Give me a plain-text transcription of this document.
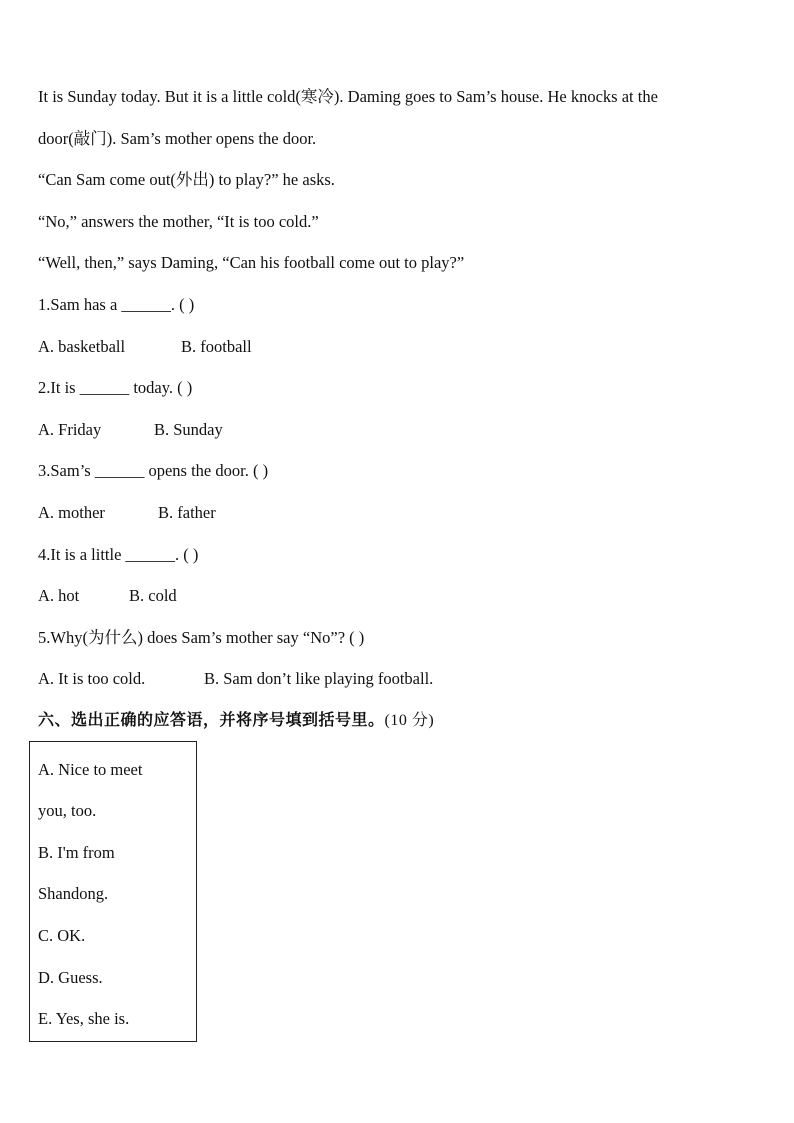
It is Sunday today. But it is a little cold(寒冷). Daming goes to Sam’s house. He knocks at the
door(敲门). Sam’s mother opens the door.
“Can Sam come out(外出) to play?” he asks.
“No,” answers the mother, “It is too cold.”
“Well, then,” says Daming, “Can his football come out to play?”
1.Sam has a ______. ( )
A. basketball	B. football
2.It is ______ today. ( )
A. Friday	B. Sunday
3.Sam’s ______ opens the door. ( )
A. mother	B. father
4.It is a little ______. ( )
A. hot	B. cold
5.Why(为什么) does Sam’s mother say “No”? ( )
A. It is too cold.	B. Sam don’t like playing football.
六、选出正确的应答语，并将序号填到括号里。(10 分)
A. Nice to meet
you, too.
B. I'm from
Shandong.
C. OK.
D. Guess.
E. Yes, she is.
